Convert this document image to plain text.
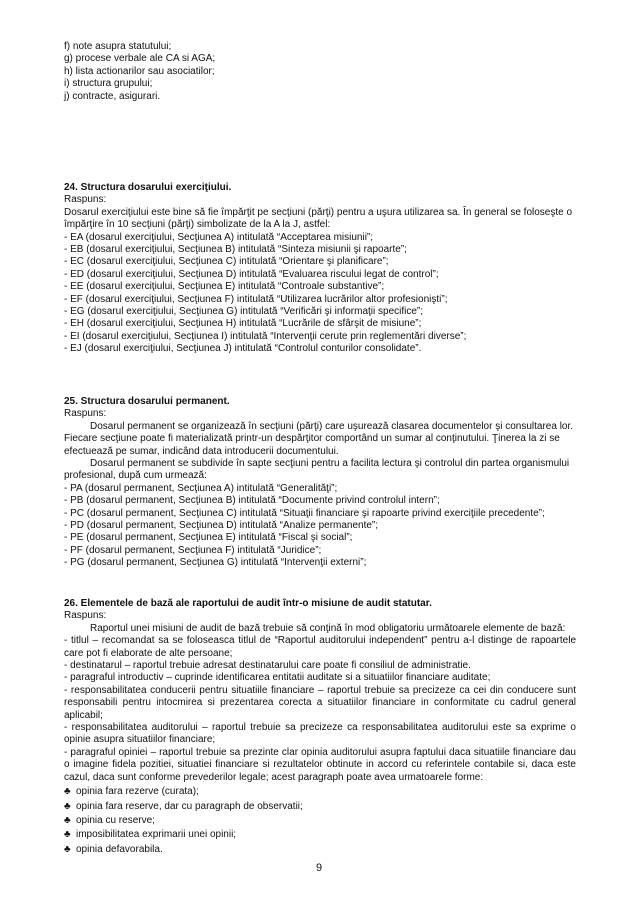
f) note asupra statutului;

g) procese verbale ale CA si AGA;

h) lista actionarilor sau asociatilor;

i) structura grupului;

j) contracte, asigurari.

24. Structura dosarului exerciţiului.

Raspuns:

Dosarul exerciţiului este bine să fie împărţit pe secţiuni (părţi) pentru a uşura utilizarea sa. În general se foloseşte o împărţire în 10 secţiuni (părţi) simbolizate de la A la J, astfel:

- EA (dosarul exerciţiului, Secţiunea A) intitulată “Acceptarea misiunii”;

- EB (dosarul exerciţiului, Secţiunea B) intitulată “Sinteza misiunii şi rapoarte”;

- EC (dosarul exerciţiului, Secţiunea C) intitulată “Orientare şi planificare”;

- ED (dosarul exerciţiului, Secţiunea D) intitulată “Evaluarea riscului legat de control”;

- EE (dosarul exerciţiului, Secţiunea E) intitulată “Controale substantive”;

- EF (dosarul exerciţiului, Secţiunea F) intitulată “Utilizarea lucrărilor altor profesionişti”;

- EG (dosarul exerciţiului, Secţiunea G) intitulată “Verificări şi informaţii specifice”;

- EH (dosarul exerciţiului, Secţiunea H) intitulată “Lucrările de sfârşit de misiune”;

- EI (dosarul exerciţiului, Secţiunea I) intitulată “Intervenţii cerute prin reglementări diverse”;

- EJ (dosarul exerciţiului, Secţiunea J) intitulată “Controlul conturilor consolidate”.

25. Structura dosarului permanent.

Raspuns:

Dosarul permanent se organizează în secţiuni (părţi) care uşurează clasarea documentelor şi consultarea lor. Fiecare secţiune poate fi materializată printr-un despărţitor comportând un sumar al conţinutului. Ţinerea la zi se efectuează pe sumar, indicând data introducerii documentului.

Dosarul permanent se subdivide în sapte secţiuni pentru a facilita lectura şi controlul din partea organismului profesional, după cum urmează:

- PA (dosarul permanent, Secţiunea A) intitulată “Generalităţi”;

- PB (dosarul permanent, Secţiunea B) intitulată “Documente privind controlul intern”;

- PC (dosarul permanent, Secţiunea C) intitulată “Situaţii financiare şi rapoarte privind exerciţiile precedente”;

- PD (dosarul permanent, Secţiunea D) intitulată “Analize permanente”;

- PE (dosarul permanent, Secţiunea E) intitulată “Fiscal şi social”;

- PF (dosarul permanent, Secţiunea F) intitulată “Juridice”;

- PG (dosarul permanent, Secţiunea G) intitulată “Intervenţii externi”;

26. Elementele de bază ale raportului de audit într-o misiune de audit statutar.

Raspuns:

Raportul unei misiuni de audit de bază trebuie să conţină în mod obligatoriu următoarele elemente de bază:

- titlul – recomandat sa se foloseasca titlul de “Raportul auditorului independent” pentru a-l distinge de rapoartele care pot fi elaborate de alte persoane;

- destinatarul – raportul trebuie adresat destinatarului care poate fi consiliul de administratie.

- paragraful introductiv – cuprinde identificarea entitatii auditate si a situatiilor financiare auditate;

- responsabilitatea conducerii pentru situatiile financiare – raportul trebuie sa precizeze ca cei din conducere sunt responsabili pentru intocmirea si prezentarea corecta a situatiilor financiare in conformitate cu cadrul general aplicabil;

- responsabilitatea auditorului – raportul trebuie sa precizeze ca responsabilitatea auditorului este sa exprime o opinie asupra situatiilor financiare;

- paragraful opiniei – raportul trebuie sa prezinte clar opinia auditorului asupra faptului daca situatiile financiare dau o imagine fidela pozitiei, situatiei financiare si rezultatelor obtinute in accord cu referintele contabile si, daca este cazul, daca sunt conforme prevederilor legale; acest paragraph poate avea urmatoarele forme:

♣ opinia fara rezerve (curata);

♣ opinia fara reserve, dar cu paragraph de observatii;

♣ opinia cu reserve;

♣ imposibilitatea exprimarii unei opinii;

♣ opinia defavorabila.

9
